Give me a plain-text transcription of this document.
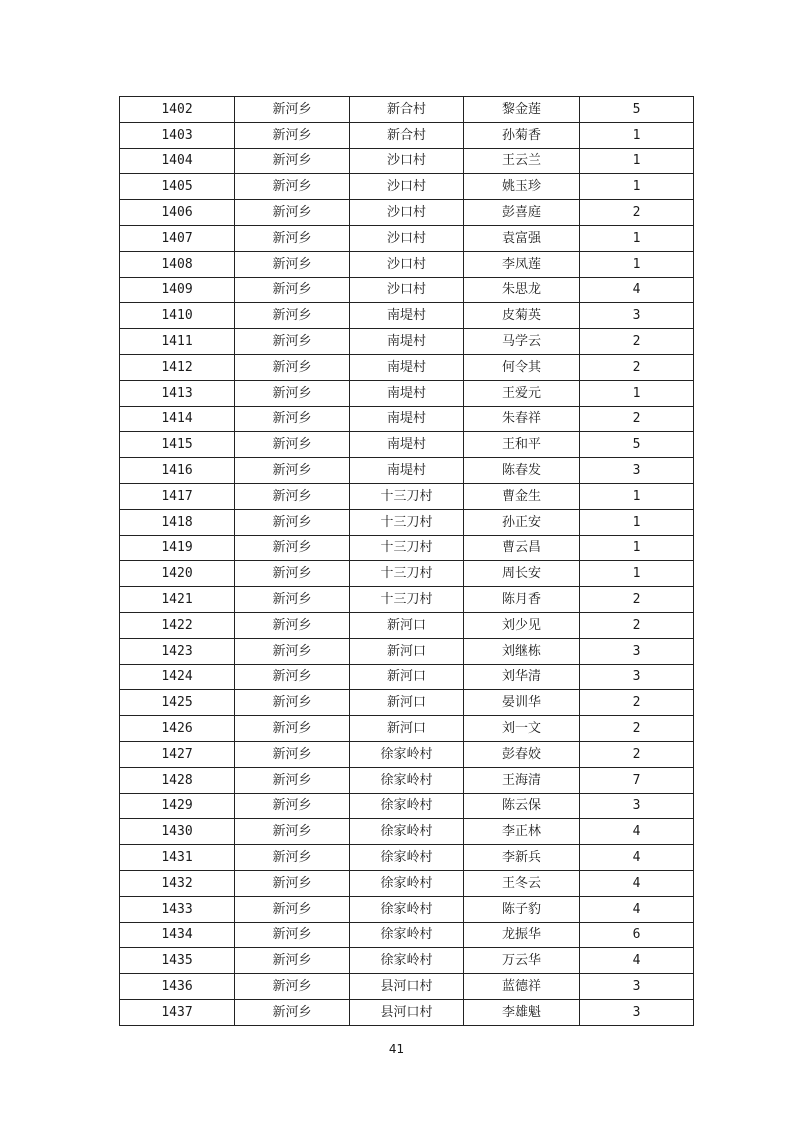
1402	新河乡	新合村	黎金莲	5
1403	新河乡	新合村	孙菊香	1
1404	新河乡	沙口村	王云兰	1
1405	新河乡	沙口村	姚玉珍	1
1406	新河乡	沙口村	彭喜庭	2
1407	新河乡	沙口村	袁富强	1
1408	新河乡	沙口村	李凤莲	1
1409	新河乡	沙口村	朱思龙	4
1410	新河乡	南堤村	皮菊英	3
1411	新河乡	南堤村	马学云	2
1412	新河乡	南堤村	何令其	2
1413	新河乡	南堤村	王爱元	1
1414	新河乡	南堤村	朱春祥	2
1415	新河乡	南堤村	王和平	5
1416	新河乡	南堤村	陈春发	3
1417	新河乡	十三刀村	曹金生	1
1418	新河乡	十三刀村	孙正安	1
1419	新河乡	十三刀村	曹云昌	1
1420	新河乡	十三刀村	周长安	1
1421	新河乡	十三刀村	陈月香	2
1422	新河乡	新河口	刘少见	2
1423	新河乡	新河口	刘继栋	3
1424	新河乡	新河口	刘华清	3
1425	新河乡	新河口	晏训华	2
1426	新河乡	新河口	刘一文	2
1427	新河乡	徐家岭村	彭春姣	2
1428	新河乡	徐家岭村	王海清	7
1429	新河乡	徐家岭村	陈云保	3
1430	新河乡	徐家岭村	李正林	4
1431	新河乡	徐家岭村	李新兵	4
1432	新河乡	徐家岭村	王冬云	4
1433	新河乡	徐家岭村	陈子豹	4
1434	新河乡	徐家岭村	龙振华	6
1435	新河乡	徐家岭村	万云华	4
1436	新河乡	县河口村	蓝德祥	3
1437	新河乡	县河口村	李雄魁	3
41
